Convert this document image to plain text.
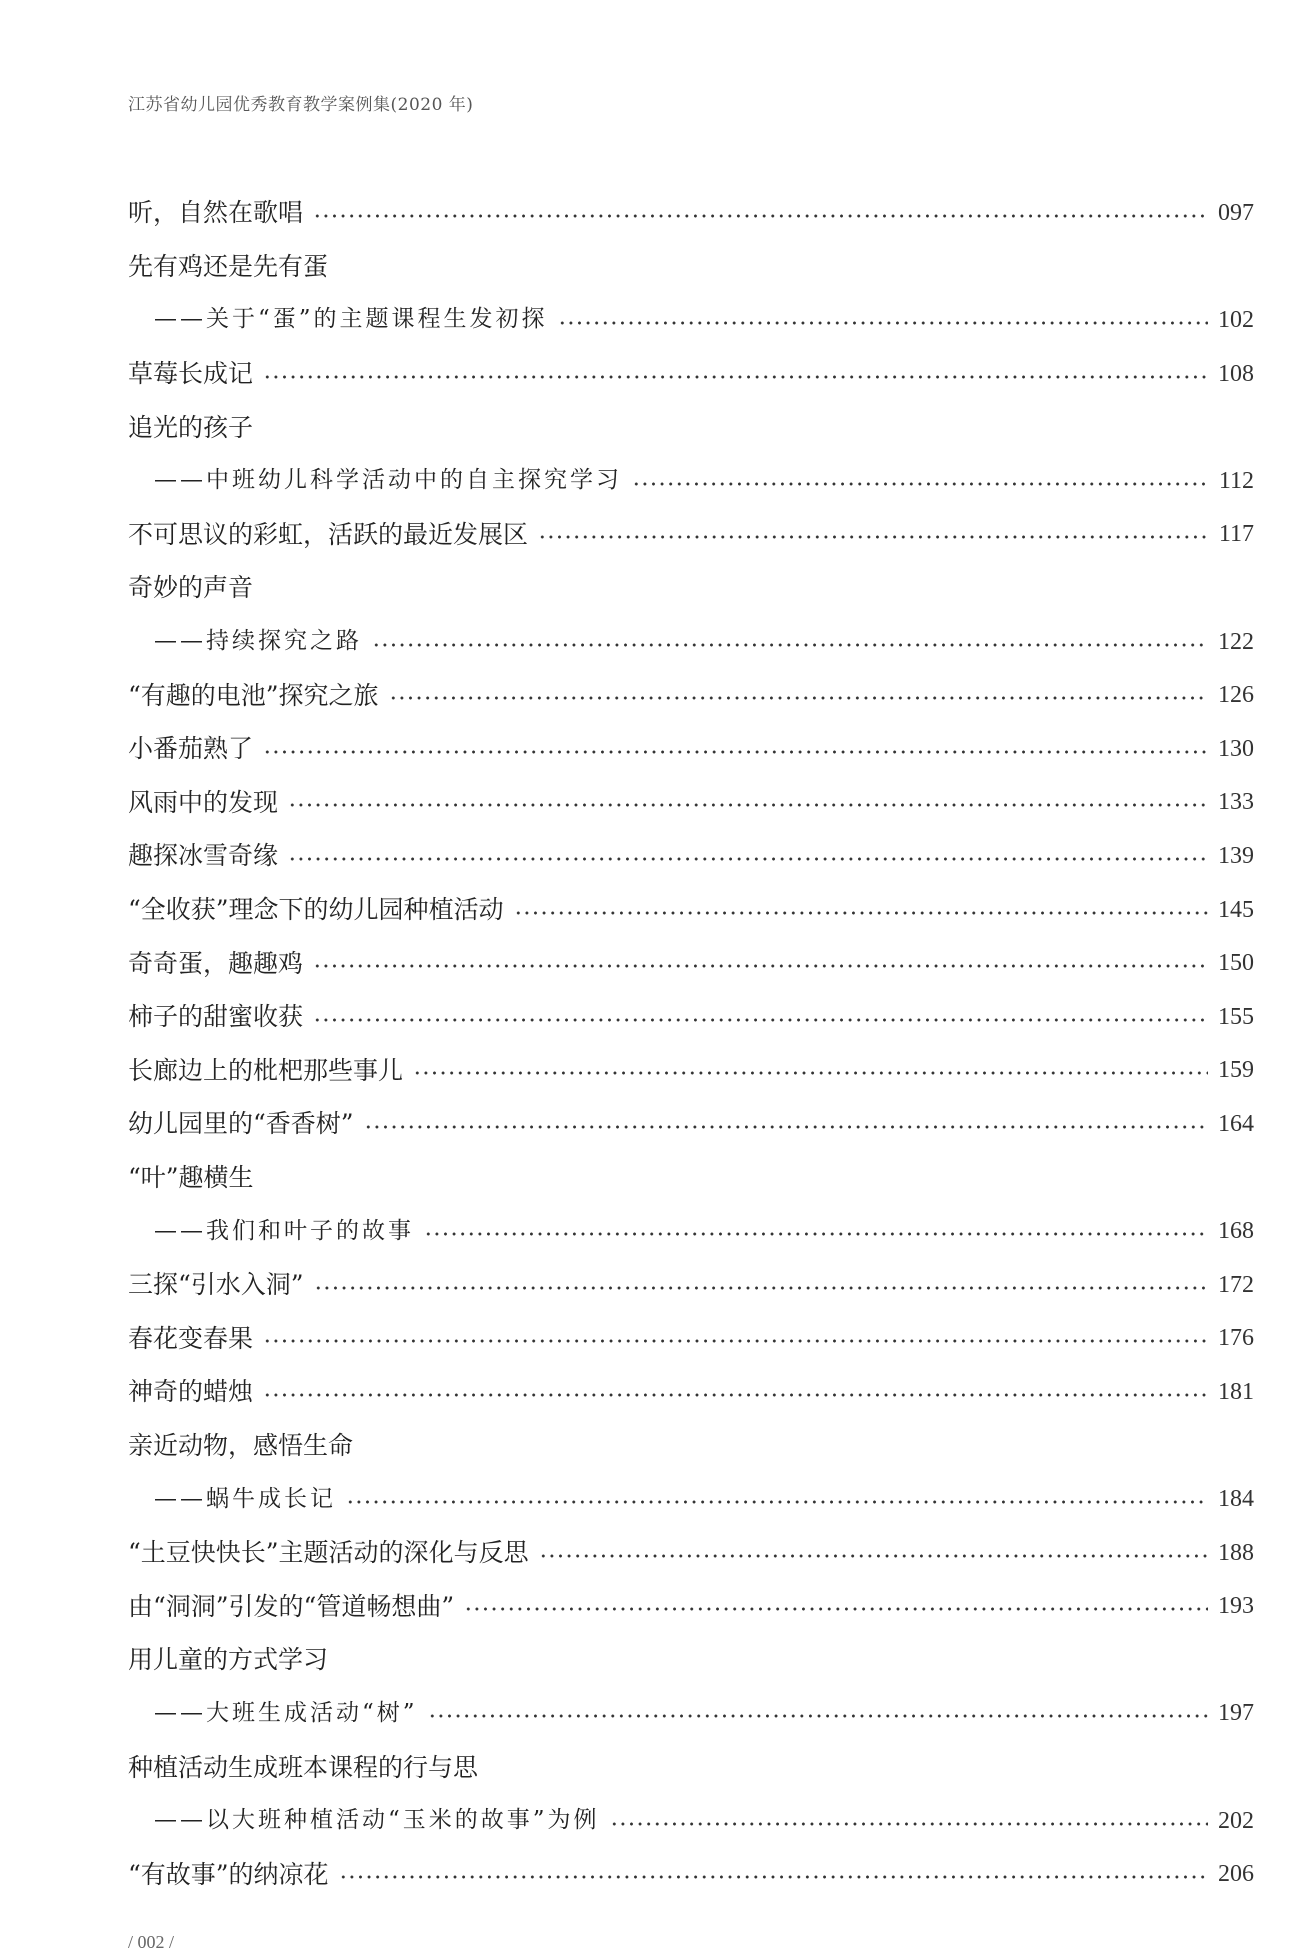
江苏省幼儿园优秀教育教学案例集(2020 年)
听，自然在歌唱	097
先有鸡还是先有蛋
——关于“蛋”的主题课程生发初探	102
草莓长成记	108
追光的孩子
——中班幼儿科学活动中的自主探究学习	112
不可思议的彩虹，活跃的最近发展区	117
奇妙的声音
——持续探究之路	122
“有趣的电池”探究之旅	126
小番茄熟了	130
风雨中的发现	133
趣探冰雪奇缘	139
“全收获”理念下的幼儿园种植活动	145
奇奇蛋，趣趣鸡	150
柿子的甜蜜收获	155
长廊边上的枇杷那些事儿	159
幼儿园里的“香香树”	164
“叶”趣横生
——我们和叶子的故事	168
三探“引水入洞”	172
春花变春果	176
神奇的蜡烛	181
亲近动物，感悟生命
——蜗牛成长记	184
“土豆快快长”主题活动的深化与反思	188
由“洞洞”引发的“管道畅想曲”	193
用儿童的方式学习
——大班生成活动“树”	197
种植活动生成班本课程的行与思
——以大班种植活动“玉米的故事”为例	202
“有故事”的纳凉花	206
/ 002 /
